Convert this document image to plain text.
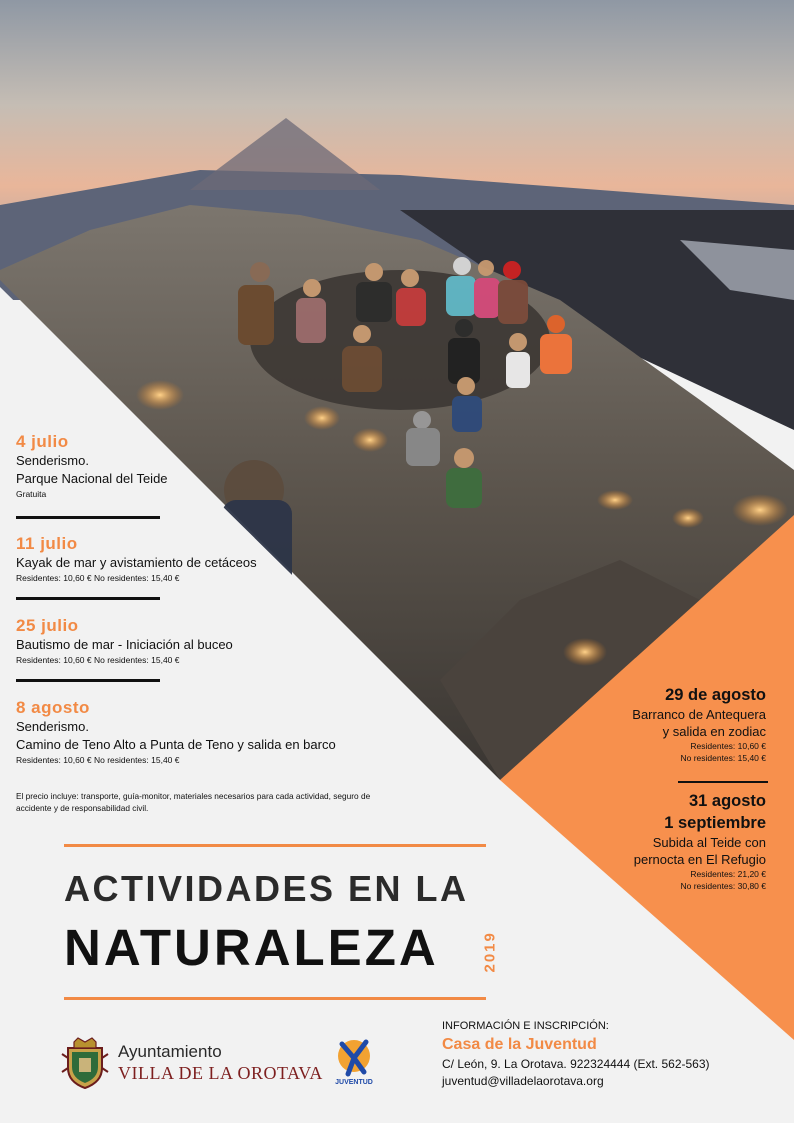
4 julio
Senderismo.
Parque Nacional del Teide
Gratuita
11 julio
Kayak de mar y avistamiento de cetáceos
Residentes: 10,60 € No residentes: 15,40 €
25 julio
Bautismo de mar - Iniciación al buceo
Residentes: 10,60 € No residentes: 15,40 €
8 agosto
Senderismo.
Camino de Teno Alto a Punta de Teno y salida en barco
Residentes: 10,60 € No residentes: 15,40 €
El precio incluye: transporte, guía-monitor, materiales necesarios para cada actividad, seguro de accidente y de responsabilidad civil.
29 de agosto
Barranco de Antequera
y salida en zodiac
Residentes: 10,60 €
No residentes: 15,40 €
31 agosto
1 septiembre
Subida al Teide con
pernocta en El Refugio
Residentes: 21,20 €
No residentes: 30,80 €
ACTIVIDADES EN LA
NATURALEZA	2019
Ayuntamiento
VILLA DE LA OROTAVA JUVENTUD
INFORMACIÓN E INSCRIPCIÓN:
Casa de la Juventud
C/ León, 9. La Orotava. 922324444 (Ext. 562-563)
juventud@villadelaorotava.org
